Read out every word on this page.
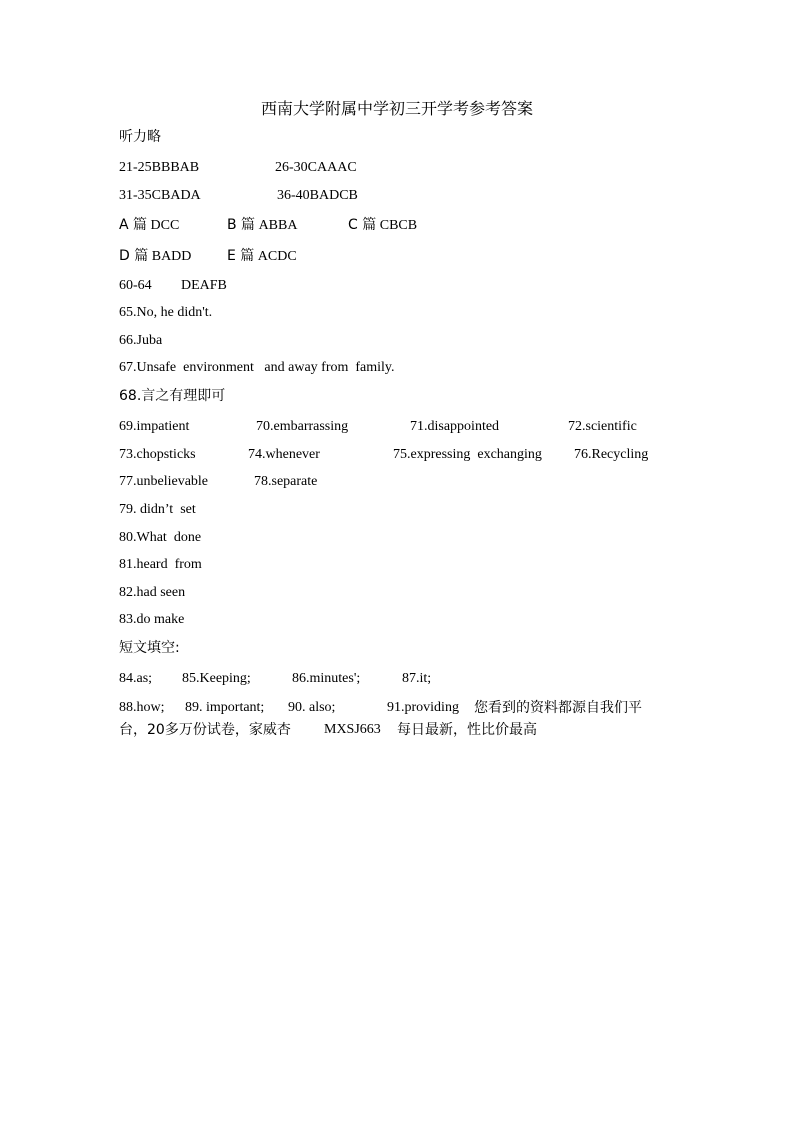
西南大学附属中学初三开学考参考答案
听力略
21-25BBBAB	26-30CAAAC
31-35CBADA	36-40BADCB
A 篇 DCC	B 篇 ABBA	C 篇 CBCB
D 篇 BADD	E 篇 ACDC
60-64 DEAFB
65.No, he didn't.
66.Juba
67.Unsafe  environment   and away from  family.
68.言之有理即可
69.impatient	70.embarrassing	71.disappointed	72.scientific
73.chopsticks	74.whenever	75.expressing  exchanging 76.Recycling
77.unbelievable	78.separate
79. didn’t  set
80.What  done
81.heard  from
82.had seen
83.do make
短文填空:
84.as; 85.Keeping;	86.minutes';	87.it;
88.how; 89. important; 90. also;	91.providing 您看到的资料都源自我们平
台，20多万份试卷，家威杏 MXSJ663 每日最新，性比价最高
